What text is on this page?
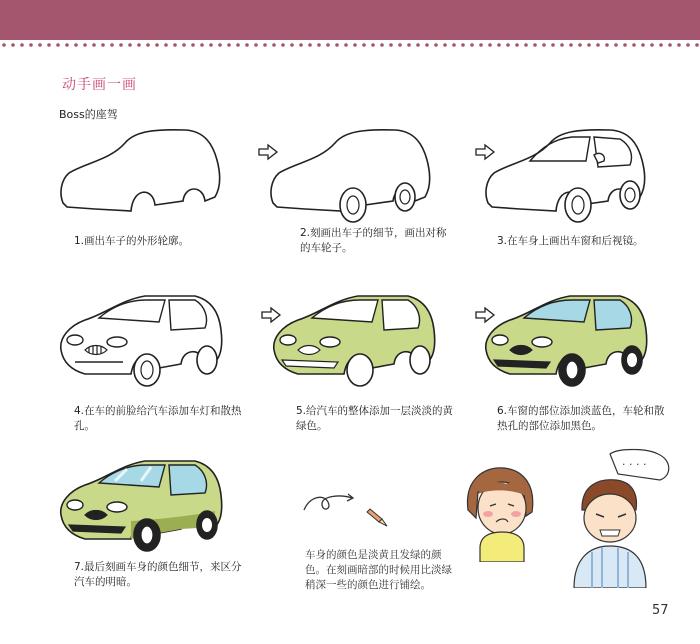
动手画一画
Boss的座驾
1.画出车子的外形轮廓。
2.刻画出车子的细节，画出对称的车轮子。
3.在车身上画出车窗和后视镜。
4.在车的前脸给汽车添加车灯和散热孔。
5.给汽车的整体添加一层淡淡的黄绿色。
6.车窗的部位添加淡蓝色，车轮和散热孔的部位添加黑色。
7.最后刻画车身的颜色细节，来区分汽车的明暗。
· · · ·
车身的颜色是淡黄且发绿的颜色。在刻画暗部的时候用比淡绿稍深一些的颜色进行铺绘。
57
